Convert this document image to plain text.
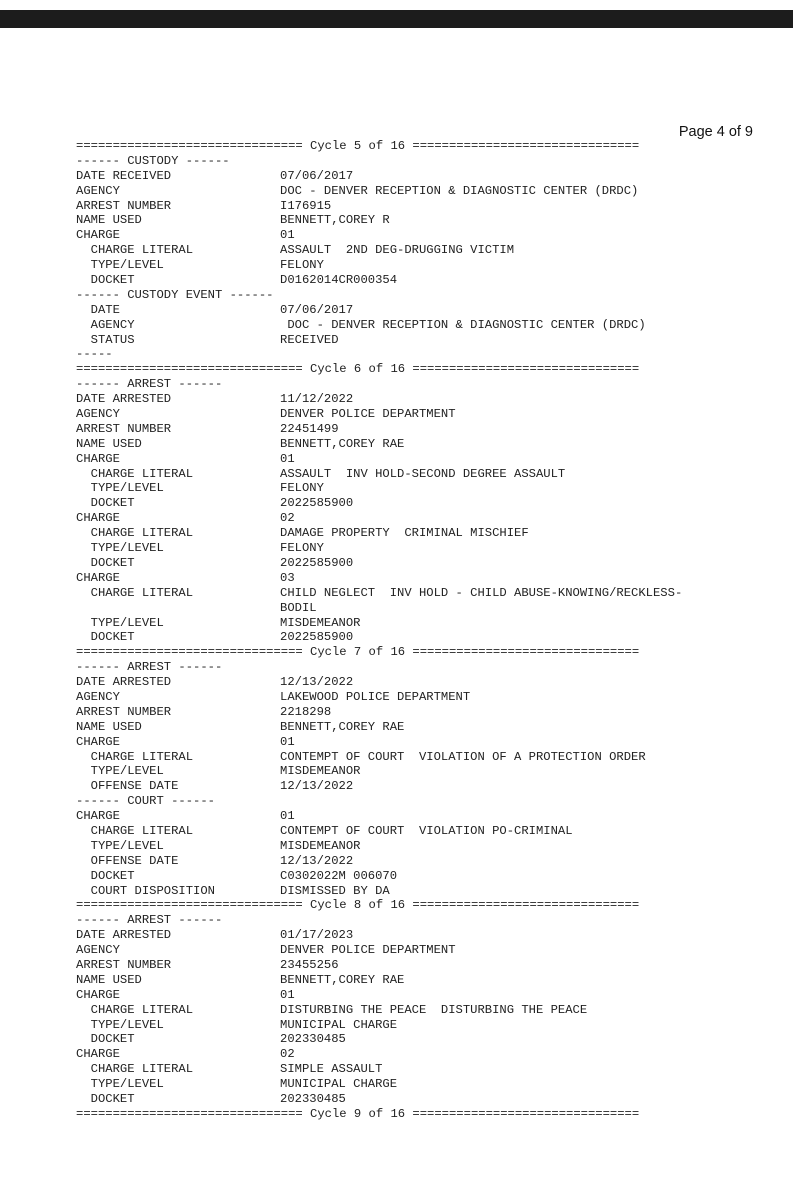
Page 4 of 9
=============================== Cycle 5 of 16 ===============================
------ CUSTODY ------
DATE RECEIVED	07/06/2017
AGENCY	DOC - DENVER RECEPTION & DIAGNOSTIC CENTER (DRDC)
ARREST NUMBER	I176915
NAME USED	BENNETT,COREY R
CHARGE	01
CHARGE LITERAL	ASSAULT  2ND DEG-DRUGGING VICTIM
TYPE/LEVEL	FELONY
DOCKET	D0162014CR000354
------ CUSTODY EVENT ------
DATE	07/06/2017
AGENCY	DOC - DENVER RECEPTION & DIAGNOSTIC CENTER (DRDC)
STATUS	RECEIVED
-----
=============================== Cycle 6 of 16 ===============================
------ ARREST ------
DATE ARRESTED	11/12/2022
AGENCY	DENVER POLICE DEPARTMENT
ARREST NUMBER	22451499
NAME USED	BENNETT,COREY RAE
CHARGE	01
CHARGE LITERAL	ASSAULT  INV HOLD-SECOND DEGREE ASSAULT
TYPE/LEVEL	FELONY
DOCKET	2022585900
CHARGE	02
CHARGE LITERAL	DAMAGE PROPERTY  CRIMINAL MISCHIEF
TYPE/LEVEL	FELONY
DOCKET	2022585900
CHARGE	03
CHARGE LITERAL	CHILD NEGLECT  INV HOLD - CHILD ABUSE-KNOWING/RECKLESS-
BODIL
TYPE/LEVEL	MISDEMEANOR
DOCKET	2022585900
=============================== Cycle 7 of 16 ===============================
------ ARREST ------
DATE ARRESTED	12/13/2022
AGENCY	LAKEWOOD POLICE DEPARTMENT
ARREST NUMBER	2218298
NAME USED	BENNETT,COREY RAE
CHARGE	01
CHARGE LITERAL	CONTEMPT OF COURT  VIOLATION OF A PROTECTION ORDER
TYPE/LEVEL	MISDEMEANOR
OFFENSE DATE	12/13/2022
------ COURT ------
CHARGE	01
CHARGE LITERAL	CONTEMPT OF COURT  VIOLATION PO-CRIMINAL
TYPE/LEVEL	MISDEMEANOR
OFFENSE DATE	12/13/2022
DOCKET	C0302022M 006070
COURT DISPOSITION	DISMISSED BY DA
=============================== Cycle 8 of 16 ===============================
------ ARREST ------
DATE ARRESTED	01/17/2023
AGENCY	DENVER POLICE DEPARTMENT
ARREST NUMBER	23455256
NAME USED	BENNETT,COREY RAE
CHARGE	01
CHARGE LITERAL	DISTURBING THE PEACE  DISTURBING THE PEACE
TYPE/LEVEL	MUNICIPAL CHARGE
DOCKET	202330485
CHARGE	02
CHARGE LITERAL	SIMPLE ASSAULT
TYPE/LEVEL	MUNICIPAL CHARGE
DOCKET	202330485
=============================== Cycle 9 of 16 ===============================
